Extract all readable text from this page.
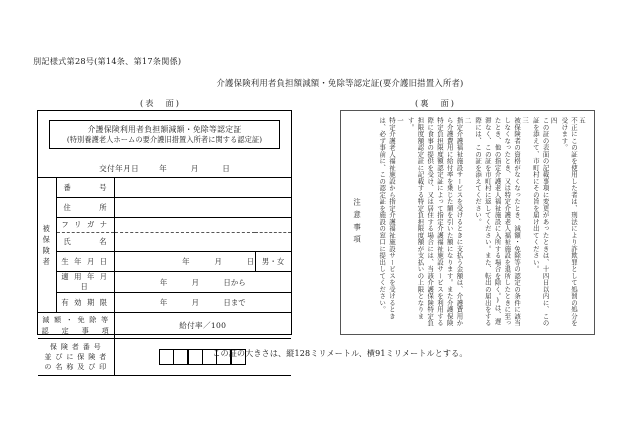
別記様式第28号(第14条、第17条関係)
介護保険利用者負担額減額・免除等認定証(要介護旧措置入所者)
(表　面)	(裏　面)
介護保険利用者負担額減額・免除等認定証
(特別養護老人ホームの要介護旧措置入所者に関する認定証)
交付年月日	年	月	日
被
保
険
者	番 号		

	住 所		

	フ リ ガ ナ		

	氏 名		

	生 年 月 日	年 月 日	男・女
	適 用 年 月 日	年 月 日から	
	有 効 期 限	年 月 日まで	

減 額 ・ 免 除 等
認 　定 　事 　項		給付率／100	

保 険 者 番 号
並 び に 保 険 者
の 名 称 及 び 印			

五
不正にこの証を使用した者は、刑法により詐欺罪として処罰の処分を受けます。
四
この証の表面の記載事項に変更があったときは、十四日以内に、この証を添えて、市町村にその旨を届け出てください。
三
被保険者の資格がなくなったとき、減額・免除等の認定の条件に該当しなくなったとき、又は特定介護老人福祉施設を退所したときに至ったとき、他の指定介護老人福祉施設に入所する場合を除く。)は、遅滞なく、この証を市町村に返してください。また、転出の届出をする際には、この証を添えてください。
二
指定介護福祉施設サービスを受けるときに支払う金額は、介護費用から介護費用に給付率を乗じた額を引いた額になります。また介護保険特定負担限度額認定証によって指定介護福祉施設サービスを利用する際に食事の提供を受け、又は居住する場合には、当該介護保険特定負担限度額認定証に記載する特定負担限度額が支払いの上限となります。
一
特定介護老人福祉施設から指定介護福祉施設サービスを受けるときは、必ず事前に、この認定証を施設の窓口に提出してください。
注意事項
この証の大きさは、縦128ミリメートル、横91ミリメートルとする。
